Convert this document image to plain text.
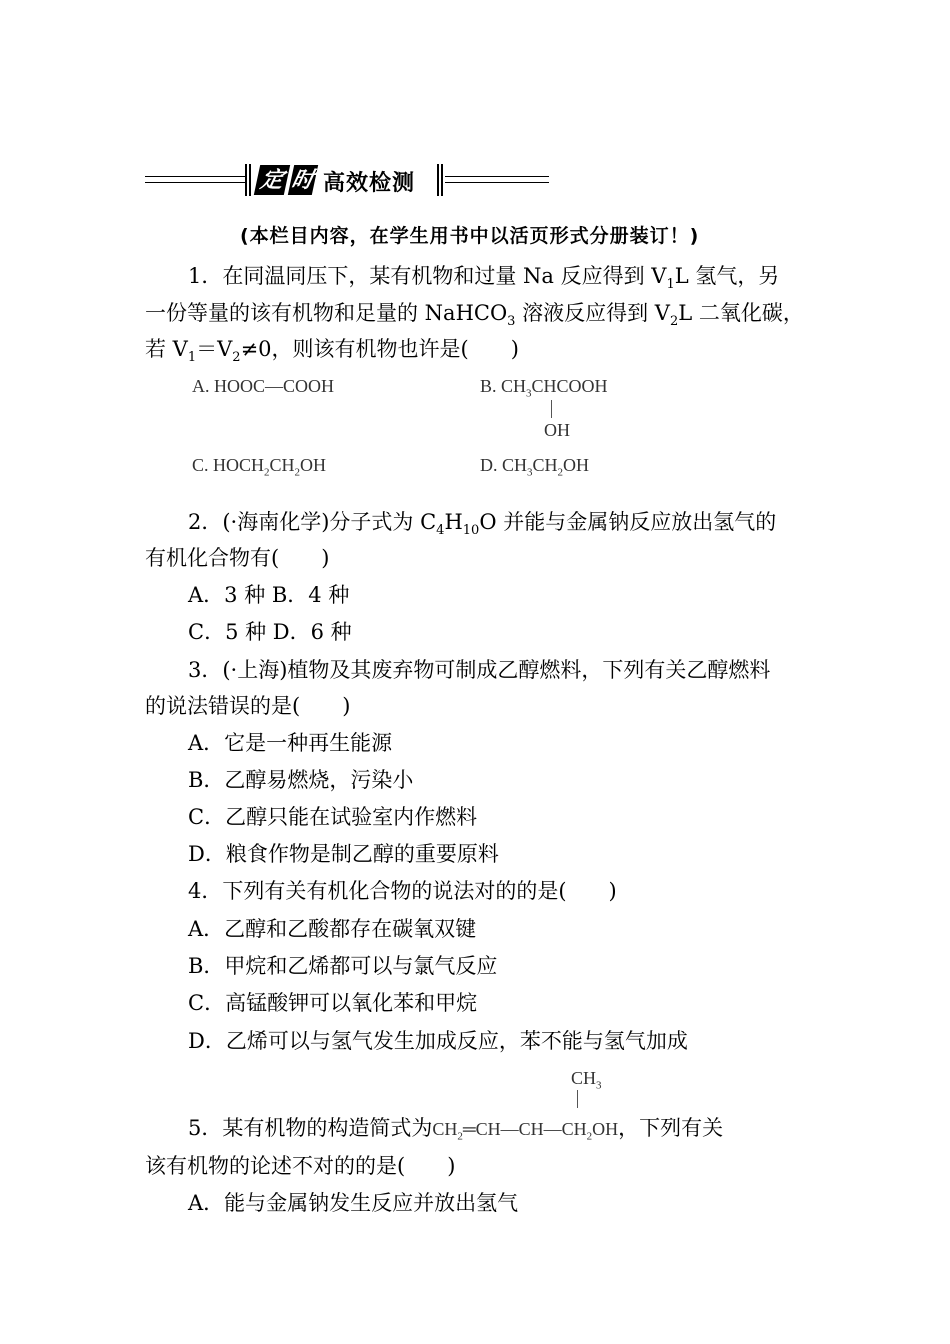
定 时 高效检测
(本栏目内容，在学生用书中以活页形式分册装订！)
1．在同温同压下，某有机物和过量 Na 反应得到 $V_1L$ 氢气，另
一份等量的该有机物和足量的 NaHCO$_3$ 溶液反应得到 $V_2L$ 二氧化碳，
若 $V_1=V_2\ne 0$，则该有机物也许是(　　)
A. HOOC—COOH	B. $CH_3CHCOOH$
OH
C. $HOCH_2CH_2OH$	D. $CH_3CH_2OH$
2．(·海南化学)分子式为 $C_4H_{10}O$ 并能与金属钠反应放出氢气的
有机化合物有(　　)
A．3 种 B．4 种
C．5 种 D．6 种
3．(·上海)植物及其废弃物可制成乙醇燃料，下列有关乙醇燃料
的说法错误的是(　　)
A．它是一种再生能源
B．乙醇易燃烧，污染小
C．乙醇只能在试验室内作燃料
D．粮食作物是制乙醇的重要原料
4．下列有关有机化合物的说法对的的是(　　)
A．乙醇和乙酸都存在碳氧双键
B．甲烷和乙烯都可以与氯气反应
C．高锰酸钾可以氧化苯和甲烷
D．乙烯可以与氢气发生加成反应，苯不能与氢气加成
$CH_3$
5．某有机物的构造简式为$CH_2═CH—CH—CH_2OH$，下列有关
该有机物的论述不对的的是(　　)
A．能与金属钠发生反应并放出氢气
